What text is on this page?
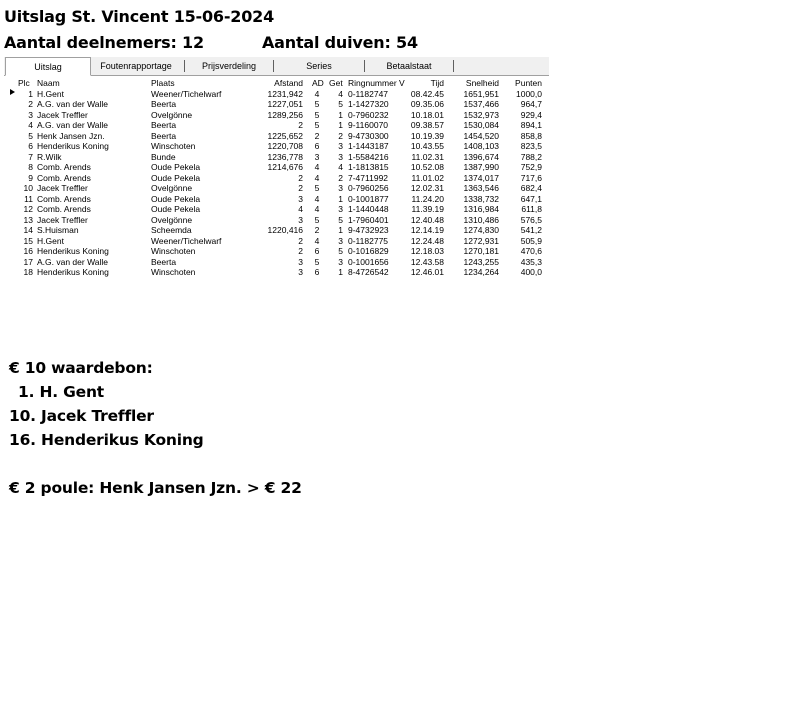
Uitslag St. Vincent 15-06-2024
Aantal deelnemers: 12	Aantal duiven: 54
Uitslag	Foutenrapportage	Prijsverdeling	Series	Betaalstaat
Plc Naam	Plaats	Afstand AD Get Ringnummer V	Tijd	Snelheid	Punten
1 H.Gent	Weener/Tichelwarf	1231,942	4	4 0-1182747	08.42.45	1651,951	1000,0
2 A.G. van der Walle	Beerta	1227,051	5	5 1-1427320	09.35.06	1537,466	964,7
3 Jacek Treffler	Ovelgönne	1289,256	5	1 0-7960232	10.18.01	1532,973	929,4
4 A.G. van der Walle	Beerta	2	5	1 9-1160070	09.38.57	1530,084	894,1
5 Henk Jansen Jzn.	Beerta	1225,652	2	2 9-4730300	10.19.39	1454,520	858,8
6 Henderikus Koning	Winschoten	1220,708	6	3 1-1443187	10.43.55	1408,103	823,5
7 R.Wilk	Bunde	1236,778	3	3 1-5584216	11.02.31	1396,674	788,2
8 Comb. Arends	Oude Pekela	1214,676	4	4 1-1813815	10.52.08	1387,990	752,9
9 Comb. Arends	Oude Pekela	2	4	2 7-4711992	11.01.02	1374,017	717,6
10 Jacek Treffler	Ovelgönne	2	5	3 0-7960256	12.02.31	1363,546	682,4
11 Comb. Arends	Oude Pekela	3	4	1 0-1001877	11.24.20	1338,732	647,1
12 Comb. Arends	Oude Pekela	4	4	3 1-1440448	11.39.19	1316,984	611,8
13 Jacek Treffler	Ovelgönne	3	5	5 1-7960401	12.40.48	1310,486	576,5
14 S.Huisman	Scheemda	1220,416	2	1 9-4732923	12.14.19	1274,830	541,2
15 H.Gent	Weener/Tichelwarf	2	4	3 0-1182775	12.24.48	1272,931	505,9
16 Henderikus Koning	Winschoten	2	6	5 0-1016829	12.18.03	1270,181	470,6
17 A.G. van der Walle	Beerta	3	5	3 0-1001656	12.43.58	1243,255	435,3
18 Henderikus Koning	Winschoten	3	6	1 8-4726542	12.46.01	1234,264	400,0
€ 10 waardebon:
1. H. Gent
10. Jacek Treffler
16. Henderikus Koning
€ 2 poule: Henk Jansen Jzn. > € 22
